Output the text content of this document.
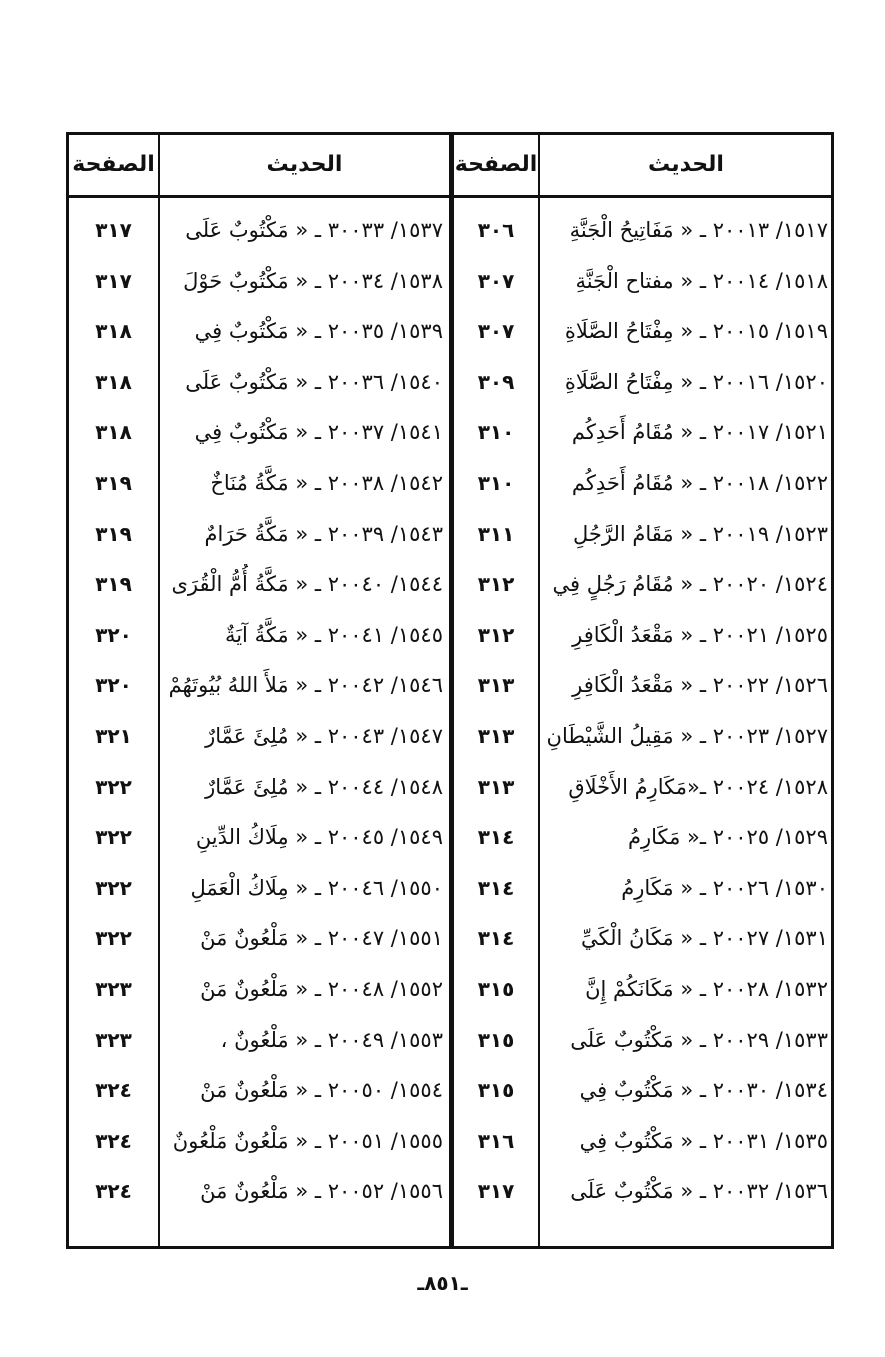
الحديث
الصفحة
الحديث
الصفحة
١٥١٧/ ٢٠٠١٣ ـ « مَفَاتِيحُ الْجَنَّةِ
٣٠٦
١٥١٨/ ٢٠٠١٤ ـ « مفتاح الْجَنَّةِ
٣٠٧
١٥١٩/ ٢٠٠١٥ ـ « مِفْتَاحُ الصَّلَاةِ
٣٠٧
١٥٢٠/ ٢٠٠١٦ ـ « مِفْتَاحُ الصَّلَاةِ
٣٠٩
١٥٢١/ ٢٠٠١٧ ـ « مُقَامُ أَحَدِكُم
٣١٠
١٥٢٢/ ٢٠٠١٨ ـ « مُقَامُ أَحَدِكُم
٣١٠
١٥٢٣/ ٢٠٠١٩ ـ « مَقَامُ الرَّجُلِ
٣١١
١٥٢٤/ ٢٠٠٢٠ ـ « مُقَامُ رَجُلٍ فِي
٣١٢
١٥٢٥/ ٢٠٠٢١ ـ « مَقْعَدُ الْكَافِرِ
٣١٢
١٥٢٦/ ٢٠٠٢٢ ـ « مَقْعَدُ الْكَافِرِ
٣١٣
١٥٢٧/ ٢٠٠٢٣ ـ « مَقِيلُ الشَّيْطَانِ
٣١٣
١٥٢٨/ ٢٠٠٢٤ ـ«مَكَارِمُ الأَخْلَاقِ
٣١٣
١٥٢٩/ ٢٠٠٢٥ ـ« مَكَارِمُ
٣١٤
١٥٣٠/ ٢٠٠٢٦ ـ « مَكَارِمُ
٣١٤
١٥٣١/ ٢٠٠٢٧ ـ « مَكَانُ الْكَيِّ
٣١٤
١٥٣٢/ ٢٠٠٢٨ ـ « مَكَانَكُمْ إِنَّ
٣١٥
١٥٣٣/ ٢٠٠٢٩ ـ « مَكْتُوبٌ عَلَى
٣١٥
١٥٣٤/ ٢٠٠٣٠ ـ « مَكْتُوبٌ فِي
٣١٥
١٥٣٥/ ٢٠٠٣١ ـ « مَكْتُوبٌ فِي
٣١٦
١٥٣٦/ ٢٠٠٣٢ ـ « مَكْتُوبٌ عَلَى
٣١٧
١٥٣٧/ ٣٠٠٣٣ ـ « مَكْتُوبٌ عَلَى
٣١٧
١٥٣٨/ ٢٠٠٣٤ ـ « مَكْتُوبٌ حَوْلَ
٣١٧
١٥٣٩/ ٢٠٠٣٥ ـ « مَكْتُوبٌ فِي
٣١٨
١٥٤٠/ ٢٠٠٣٦ ـ « مَكْتُوبٌ عَلَى
٣١٨
١٥٤١/ ٢٠٠٣٧ ـ « مَكْتُوبٌ فِي
٣١٨
١٥٤٢/ ٢٠٠٣٨ ـ « مَكَّةُ مُنَاخٌ
٣١٩
١٥٤٣/ ٢٠٠٣٩ ـ « مَكَّةُ حَرَامٌ
٣١٩
١٥٤٤/ ٢٠٠٤٠ ـ « مَكَّةُ أُمُّ الْقُرَى
٣١٩
١٥٤٥/ ٢٠٠٤١ ـ « مَكَّةُ آيَةٌ
٣٢٠
١٥٤٦/ ٢٠٠٤٢ ـ « مَلأَ اللهُ بُيُوتَهُمْ
٣٢٠
١٥٤٧/ ٢٠٠٤٣ ـ « مُلِئَ عَمَّارٌ
٣٢١
١٥٤٨/ ٢٠٠٤٤ ـ « مُلِئَ عَمَّارٌ
٣٢٢
١٥٤٩/ ٢٠٠٤٥ ـ « مِلَاكُ الدِّينِ
٣٢٢
١٥٥٠/ ٢٠٠٤٦ ـ « مِلَاكُ الْعَمَلِ
٣٢٢
١٥٥١/ ٢٠٠٤٧ ـ « مَلْعُونٌ مَنْ
٣٢٢
١٥٥٢/ ٢٠٠٤٨ ـ « مَلْعُونٌ مَنْ
٣٢٣
١٥٥٣/ ٢٠٠٤٩ ـ « مَلْعُونٌ ،
٣٢٣
١٥٥٤/ ٢٠٠٥٠ ـ « مَلْعُونٌ مَنْ
٣٢٤
١٥٥٥/ ٢٠٠٥١ ـ « مَلْعُونٌ مَلْعُونٌ
٣٢٤
١٥٥٦/ ٢٠٠٥٢ ـ « مَلْعُونٌ مَنْ
٣٢٤
ـ٨٥١ـ
